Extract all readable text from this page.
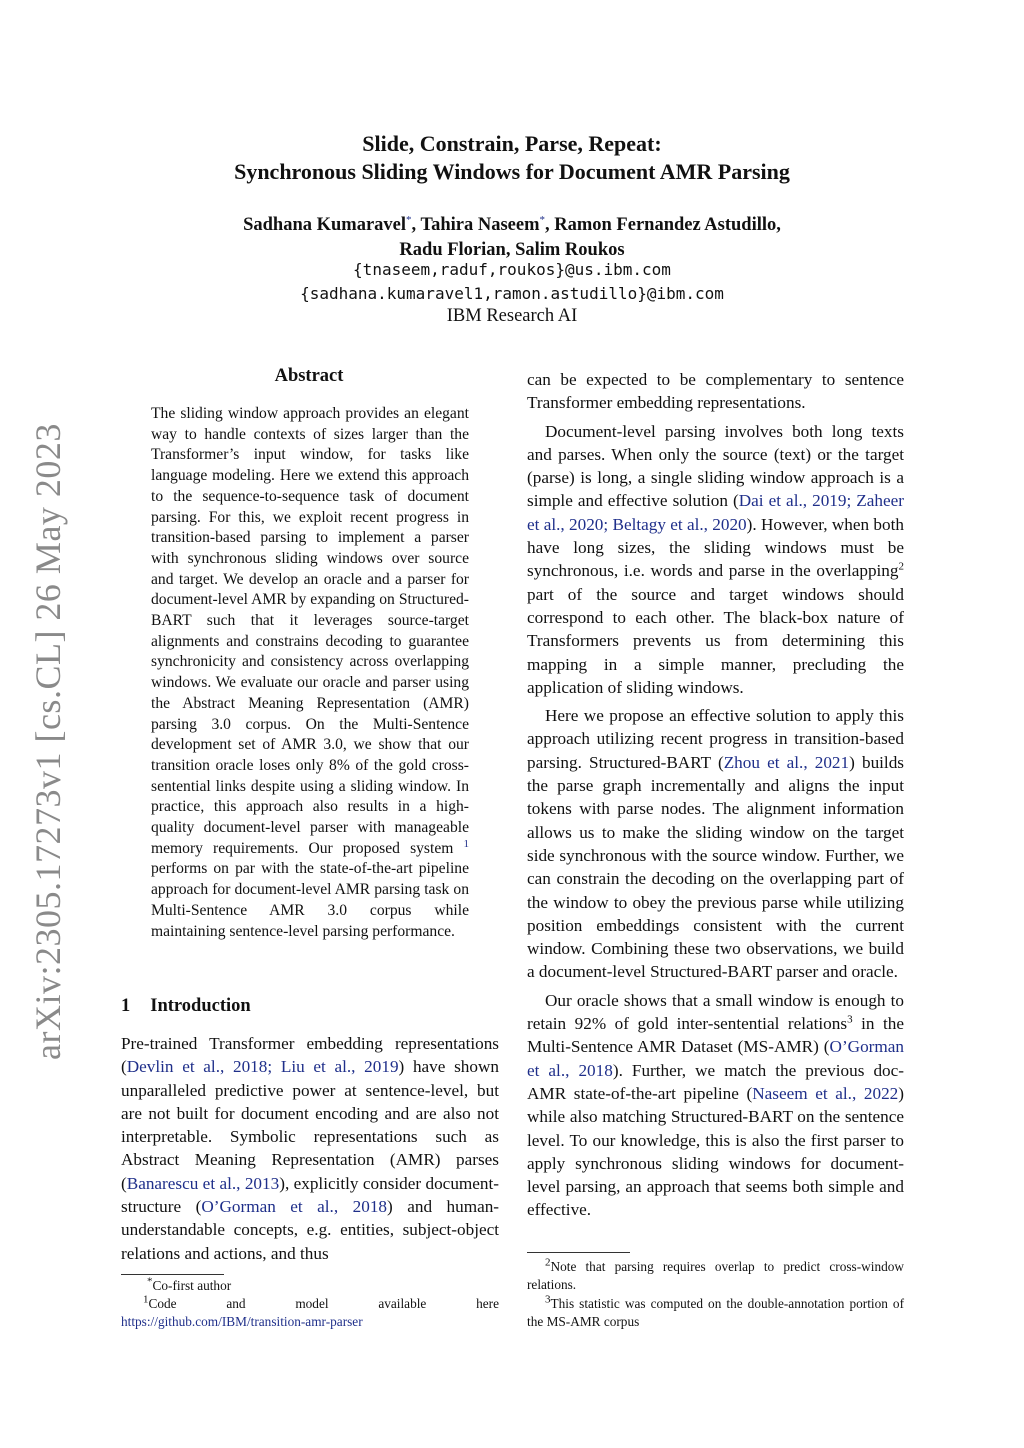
Slide, Constrain, Parse, Repeat:
Synchronous Sliding Windows for Document AMR Parsing
Sadhana Kumaravel*, Tahira Naseem*, Ramon Fernandez Astudillo,
Radu Florian, Salim Roukos
{tnaseem,raduf,roukos}@us.ibm.com
{sadhana.kumaravel1,ramon.astudillo}@ibm.com
IBM Research AI
arXiv:2305.17273v1 [cs.CL] 26 May 2023
Abstract
The sliding window approach provides an elegant way to handle contexts of sizes larger than the Transformer’s input window, for tasks like language modeling. Here we extend this approach to the sequence-to-sequence task of document parsing. For this, we exploit recent progress in transition-based parsing to implement a parser with synchronous sliding windows over source and target. We develop an oracle and a parser for document-level AMR by expanding on Structured-BART such that it leverages source-target alignments and constrains decoding to guarantee synchronicity and consistency across overlapping windows. We evaluate our oracle and parser using the Abstract Meaning Representation (AMR) parsing 3.0 corpus. On the Multi-Sentence development set of AMR 3.0, we show that our transition oracle loses only 8% of the gold cross-sentential links despite using a sliding window. In practice, this approach also results in a high-quality document-level parser with manageable memory requirements. Our proposed system $^1$ performs on par with the state-of-the-art pipeline approach for document-level AMR parsing task on Multi-Sentence AMR 3.0 corpus while maintaining sentence-level parsing performance.
1 Introduction
Pre-trained Transformer embedding representations (Devlin et al., 2018; Liu et al., 2019) have shown unparalleled predictive power at sentence-level, but are not built for document encoding and are also not interpretable. Symbolic representations such as Abstract Meaning Representation (AMR) parses (Banarescu et al., 2013), explicitly consider document-structure (O’Gorman et al., 2018) and human-understandable concepts, e.g. entities, subject-object relations and actions, and thus

can be expected to be complementary to sentence Transformer embedding representations.

Document-level parsing involves both long texts and parses. When only the source (text) or the target (parse) is long, a single sliding window approach is a simple and effective solution (Dai et al., 2019; Zaheer et al., 2020; Beltagy et al., 2020). However, when both have long sizes, the sliding windows must be synchronous, i.e. words and parse in the overlapping$^2$ part of the source and target windows should correspond to each other. The black-box nature of Transformers prevents us from determining this mapping in a simple manner, precluding the application of sliding windows.

Here we propose an effective solution to apply this approach utilizing recent progress in transition-based parsing. Structured-BART (Zhou et al., 2021) builds the parse graph incrementally and aligns the input tokens with parse nodes. The alignment information allows us to make the sliding window on the target side synchronous with the source window. Further, we can constrain the decoding on the overlapping part of the window to obey the previous parse while utilizing position embeddings consistent with the current window. Combining these two observations, we build a document-level Structured-BART parser and oracle.

Our oracle shows that a small window is enough to retain 92% of gold inter-sentential relations$^3$ in the Multi-Sentence AMR Dataset (MS-AMR) (O’Gorman et al., 2018). Further, we match the previous doc-AMR state-of-the-art pipeline (Naseem et al., 2022) while also matching Structured-BART on the sentence level. To our knowledge, this is also the first parser to apply synchronous sliding windows for document-level parsing, an approach that seems both simple and effective.

*Co-first author
$^1$Code	and	model	available	here
https://github.com/IBM/transition-amr-parser
$^2$Note that parsing requires overlap to predict cross-window relations.
$^3$This statistic was computed on the double-annotation portion of the MS-AMR corpus
